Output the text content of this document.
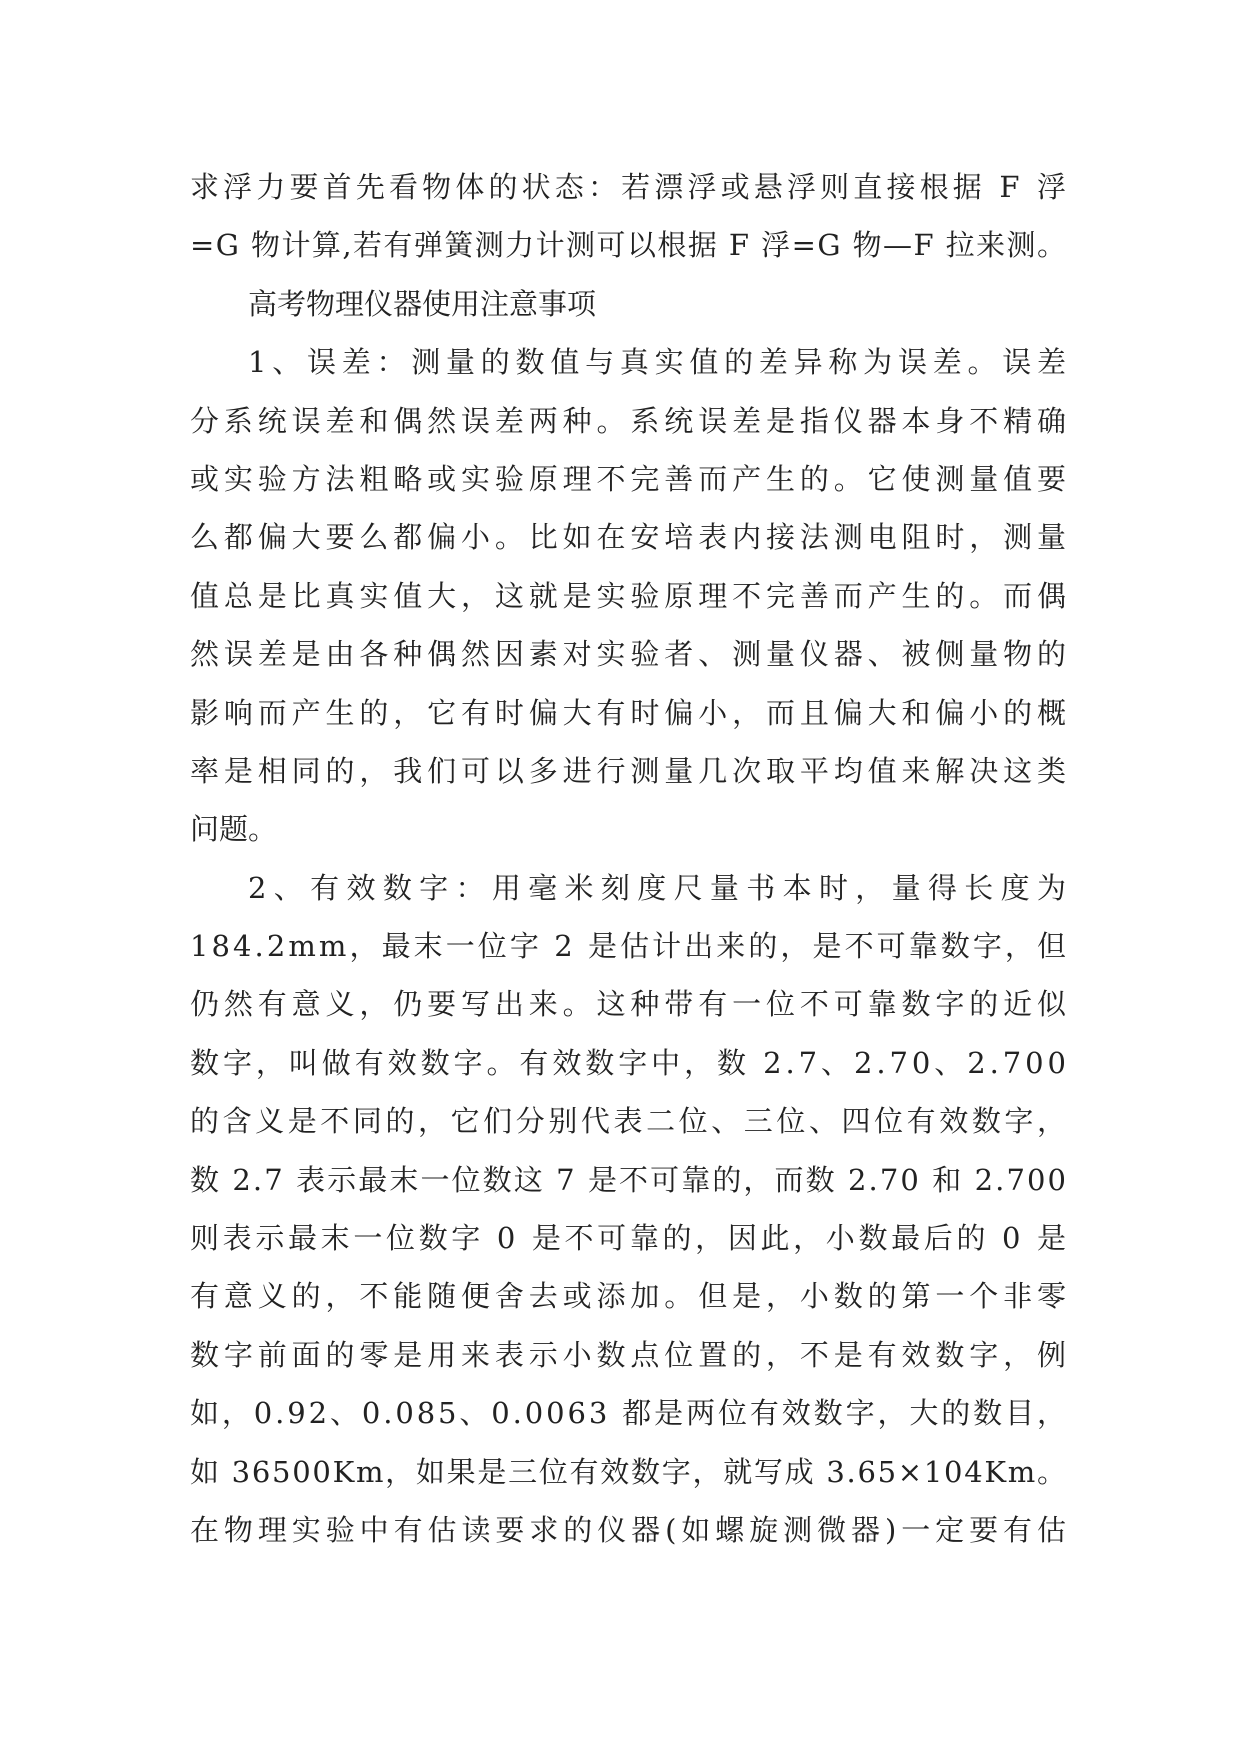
求浮力要首先看物体的状态：若漂浮或悬浮则直接根据 F 浮
=G 物计算,若有弹簧测力计测可以根据 F 浮=G 物—F 拉来测。
高考物理仪器使用注意事项
1、误差：测量的数值与真实值的差异称为误差。误差
分系统误差和偶然误差两种。系统误差是指仪器本身不精确
或实验方法粗略或实验原理不完善而产生的。它使测量值要
么都偏大要么都偏小。比如在安培表内接法测电阻时，测量
值总是比真实值大，这就是实验原理不完善而产生的。而偶
然误差是由各种偶然因素对实验者、测量仪器、被侧量物的
影响而产生的，它有时偏大有时偏小，而且偏大和偏小的概
率是相同的，我们可以多进行测量几次取平均值来解决这类
问题。
2、有效数字：用毫米刻度尺量书本时，量得长度为
184.2mm，最末一位字 2 是估计出来的，是不可靠数字，但
仍然有意义，仍要写出来。这种带有一位不可靠数字的近似
数字，叫做有效数字。有效数字中，数 2.7、2.70、2.700
的含义是不同的，它们分别代表二位、三位、四位有效数字，
数 2.7 表示最末一位数这 7 是不可靠的，而数 2.70 和 2.700
则表示最末一位数字 0 是不可靠的，因此，小数最后的 0 是
有意义的，不能随便舍去或添加。但是，小数的第一个非零
数字前面的零是用来表示小数点位置的，不是有效数字，例
如，0.92、0.085、0.0063 都是两位有效数字，大的数目，
如 36500Km，如果是三位有效数字，就写成 3.65×104Km。
在物理实验中有估读要求的仪器(如螺旋测微器)一定要有估
